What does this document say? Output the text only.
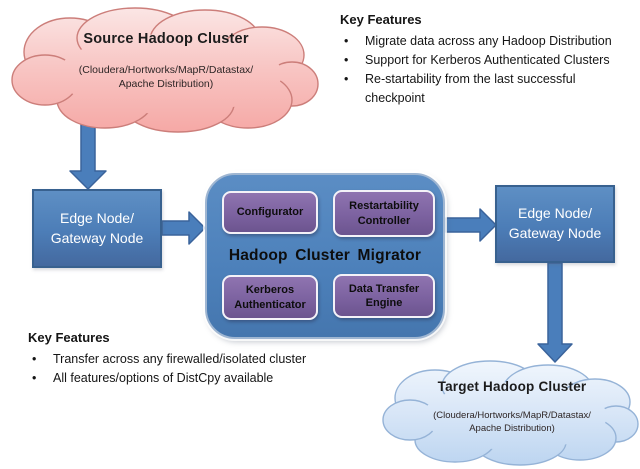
Source Hadoop Cluster
(Cloudera/Hortworks/MapR/Datastax/
Apache Distribution)
Key Features
•	Migrate data across any Hadoop Distribution
•	Support for Kerberos Authenticated Clusters
•	Re-startability from the last successful checkpoint
Edge Node/
Gateway Node
Configurator
Restartability Controller
Hadoop Cluster Migrator
Kerberos Authenticator
Data Transfer Engine
Edge Node/
Gateway Node
Key Features
•	Transfer across any firewalled/isolated cluster
•	All features/options of DistCpy available
Target Hadoop Cluster
(Cloudera/Hortworks/MapR/Datastax/
Apache Distribution)
